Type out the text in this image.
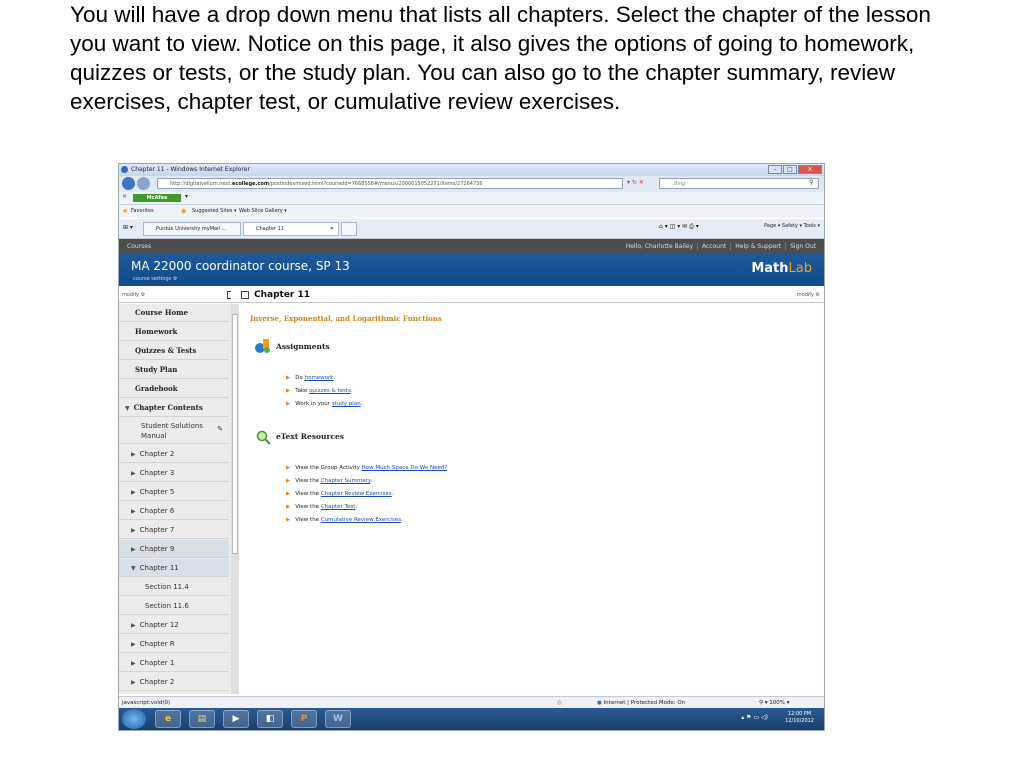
You will have a drop down menu that lists all chapters. Select the chapter of the lesson you want to view. Notice on this page, it also gives the options of going to homework, quizzes or tests, or the study plan. You can also go to the chapter summary, review exercises, chapter test, or cumulative review exercises.
Chapter 11 - Windows Internet Explorer	–	□	✕
http://digitalvellum.next.ecollege.com/postindexmixed.html?courseId=7668556#/menus/2000015052271/items/27264736	▾ ↻ ✕	Bing	⚲
✕	McAfee	▾
★ Favorites	◆ Suggested Sites ▾ Web Slice Gallery ▾
⊞ ▾	Purdue University myMail ...	Chapter 11	✕	⌂ ▾ ◫ ▾ ✉ ⎙ ▾	Page ▾ Safety ▾ Tools ▾
Courses	Hello, Charlotte Bailey Account Help & Support Sign Out
MA 22000 coordinator course, SP 13
course settings ⚙
MyMathLab
modify ⚙	Chapter 11	modify ⚙
Course Home
Homework
Quizzes & Tests
Study Plan
Gradebook
▼ Chapter Contents
Student Solutions Manual
✎
▶ Chapter 2
▶ Chapter 3
▶ Chapter 5
▶ Chapter 6
▶ Chapter 7
▶ Chapter 9
▼ Chapter 11
Section 11.4
Section 11.6
▶ Chapter 12
▶ Chapter R
▶ Chapter 1
▶ Chapter 2
Inverse, Exponential, and Logarithmic Functions
Assignments
▶ Do homework.
▶ Take quizzes & tests.
▶ Work in your study plan.
eText Resources
▶ View the Group Activity How Much Space Do We Need?
▶ View the Chapter Summary.
▶ View the Chapter Review Exercises.
▶ View the Chapter Test.
▶ View the Cumulative Review Exercises.
javascript:void(0)	◎	● Internet | Protected Mode: On	⚲ ▾ 100% ▾
e	▤	▶	◧	P	W	▴ ⚑ ▭ ◁)	12:00 PM
12/10/2012
